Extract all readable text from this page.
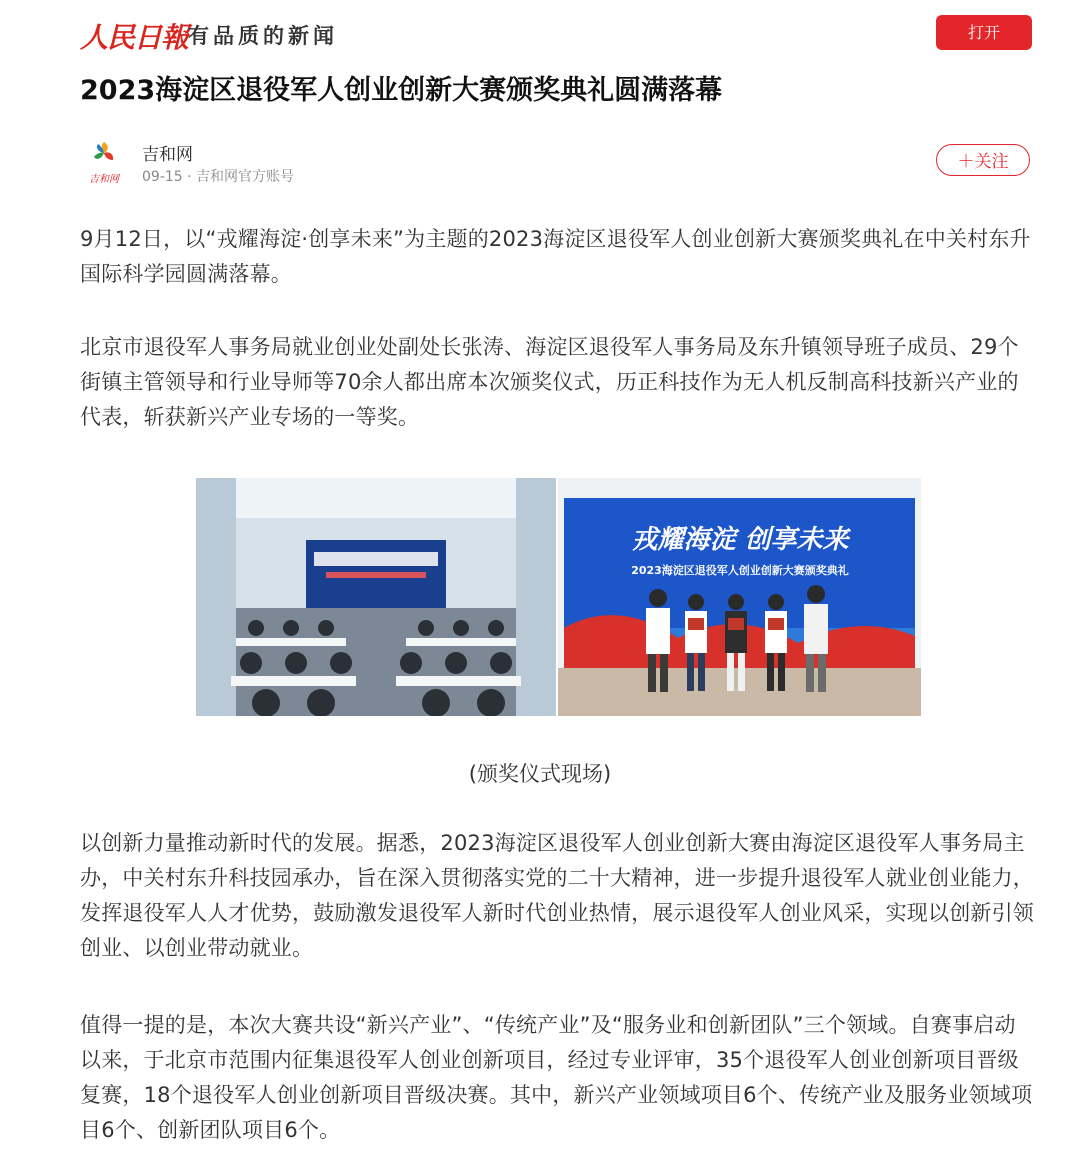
人民日報 有品质的新闻	打开
2023海淀区退役军人创业创新大赛颁奖典礼圆满落幕
吉和网
吉和网
09-15 · 吉和网官方账号
＋关注

9月12日，以“戎耀海淀·创享未来”为主题的2023海淀区退役军人创业创新大赛颁奖典礼在中关村东升国际科学园圆满落幕。

北京市退役军人事务局就业创业处副处长张涛、海淀区退役军人事务局及东升镇领导班子成员、29个街镇主管领导和行业导师等70余人都出席本次颁奖仪式，历正科技作为无人机反制高科技新兴产业的代表，斩获新兴产业专场的一等奖。

戎耀海淀 创享未来
2023海淀区退役军人创业创新大赛颁奖典礼
(颁奖仪式现场)

以创新力量推动新时代的发展。据悉，2023海淀区退役军人创业创新大赛由海淀区退役军人事务局主办，中关村东升科技园承办，旨在深入贯彻落实党的二十大精神，进一步提升退役军人就业创业能力，发挥退役军人人才优势，鼓励激发退役军人新时代创业热情，展示退役军人创业风采，实现以创新引领创业、以创业带动就业。

值得一提的是，本次大赛共设“新兴产业”、“传统产业”及“服务业和创新团队”三个领域。自赛事启动以来，于北京市范围内征集退役军人创业创新项目，经过专业评审，35个退役军人创业创新项目晋级复赛，18个退役军人创业创新项目晋级决赛。其中，新兴产业领域项目6个、传统产业及服务业领域项目6个、创新团队项目6个。
